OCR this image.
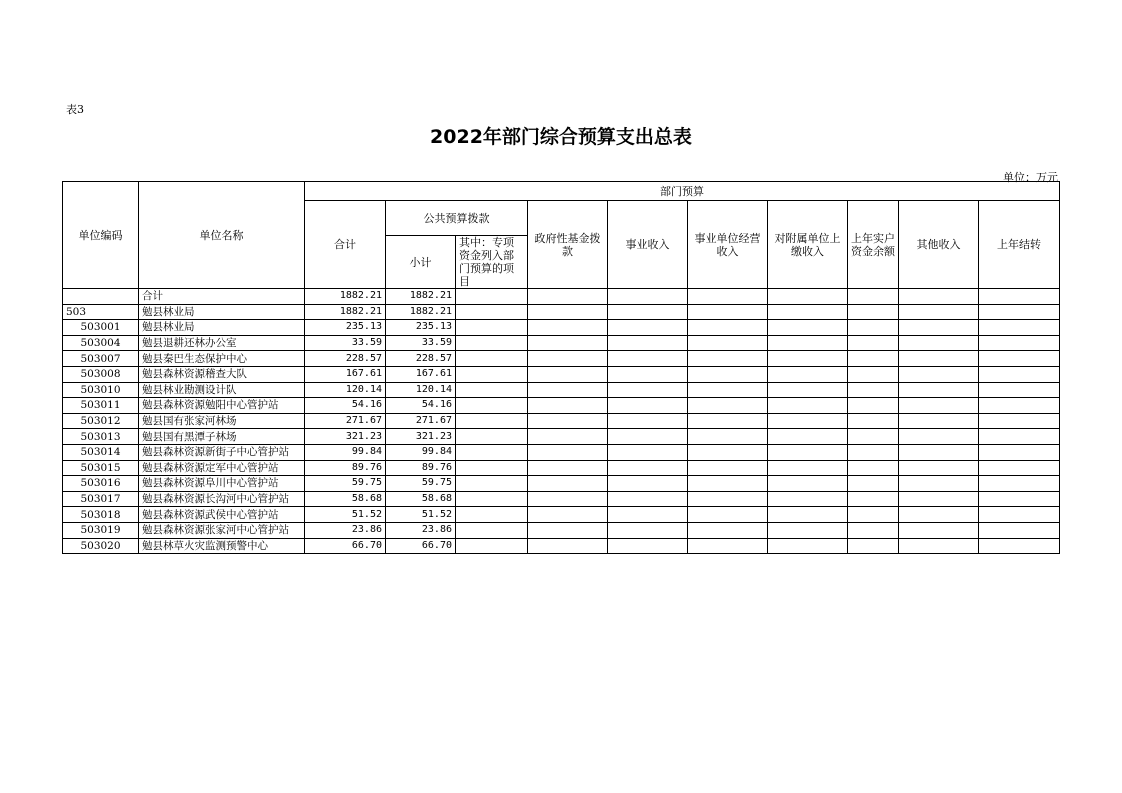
表3
2022年部门综合预算支出总表
单位：万元
单位编码	单位名称	部门预算									
		合计	公共预算拨款		政府性基金拨款	事业收入	事业单位经营收入	对附属单位上缴收入	上年实户资金余额	其他收入	上年结转
			小计	其中：专项资金列入部门预算的项目							
	合计	1882.21	1882.21								
503	勉县林业局	1882.21	1882.21								
503001	勉县林业局	235.13	235.13								
503004	勉县退耕还林办公室	33.59	33.59								
503007	勉县秦巴生态保护中心	228.57	228.57								
503008	勉县森林资源稽查大队	167.61	167.61								
503010	勉县林业勘测设计队	120.14	120.14								
503011	勉县森林资源勉阳中心管护站	54.16	54.16								
503012	勉县国有张家河林场	271.67	271.67								
503013	勉县国有黑潭子林场	321.23	321.23								
503014	勉县森林资源新街子中心管护站	99.84	99.84								
503015	勉县森林资源定军中心管护站	89.76	89.76								
503016	勉县森林资源阜川中心管护站	59.75	59.75								
503017	勉县森林资源长沟河中心管护站	58.68	58.68								
503018	勉县森林资源武侯中心管护站	51.52	51.52								
503019	勉县森林资源张家河中心管护站	23.86	23.86								
503020	勉县林草火灾监测预警中心	66.70	66.70								
